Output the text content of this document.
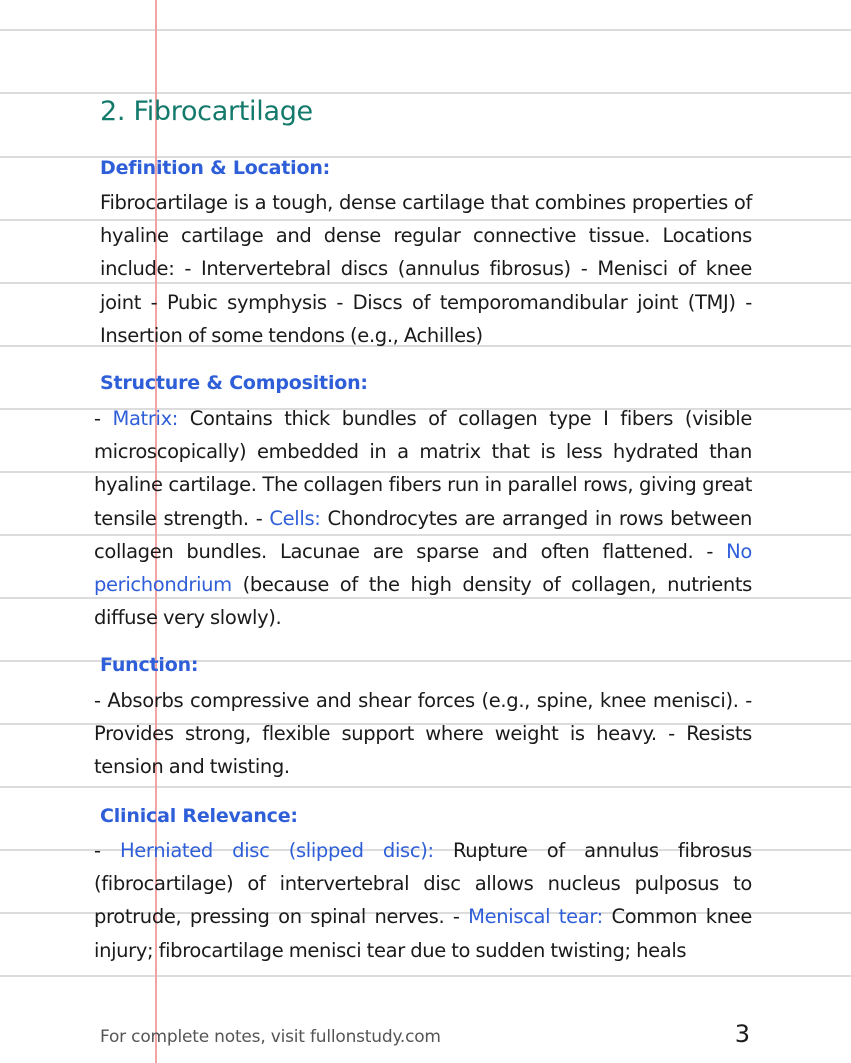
2. Fibrocartilage
Definition & Location:

Fibrocartilage is a tough, dense cartilage that combines properties of hyaline cartilage and dense regular connective tissue. Locations include: - Intervertebral discs (annulus fibrosus) - Menisci of knee joint - Pubic symphysis - Discs of temporomandibular joint (TMJ) - Insertion of some tendons (e.g., Achilles)

Structure & Composition:

- Matrix: Contains thick bundles of collagen type I fibers (visible microscopically) embedded in a matrix that is less hydrated than hyaline cartilage. The collagen fibers run in parallel rows, giving great tensile strength. - Cells: Chondrocytes are arranged in rows between collagen bundles. Lacunae are sparse and often flattened. - No perichondrium (because of the high density of collagen, nutrients diffuse very slowly).

Function:

- Absorbs compressive and shear forces (e.g., spine, knee menisci). - Provides strong, flexible support where weight is heavy. - Resists tension and twisting.

Clinical Relevance:

- Herniated disc (slipped disc): Rupture of annulus fibrosus (fibrocartilage) of intervertebral disc allows nucleus pulposus to protrude, pressing on spinal nerves. - Meniscal tear: Common knee injury; fibrocartilage menisci tear due to sudden twisting; heals

For complete notes, visit fullonstudy.com	3
